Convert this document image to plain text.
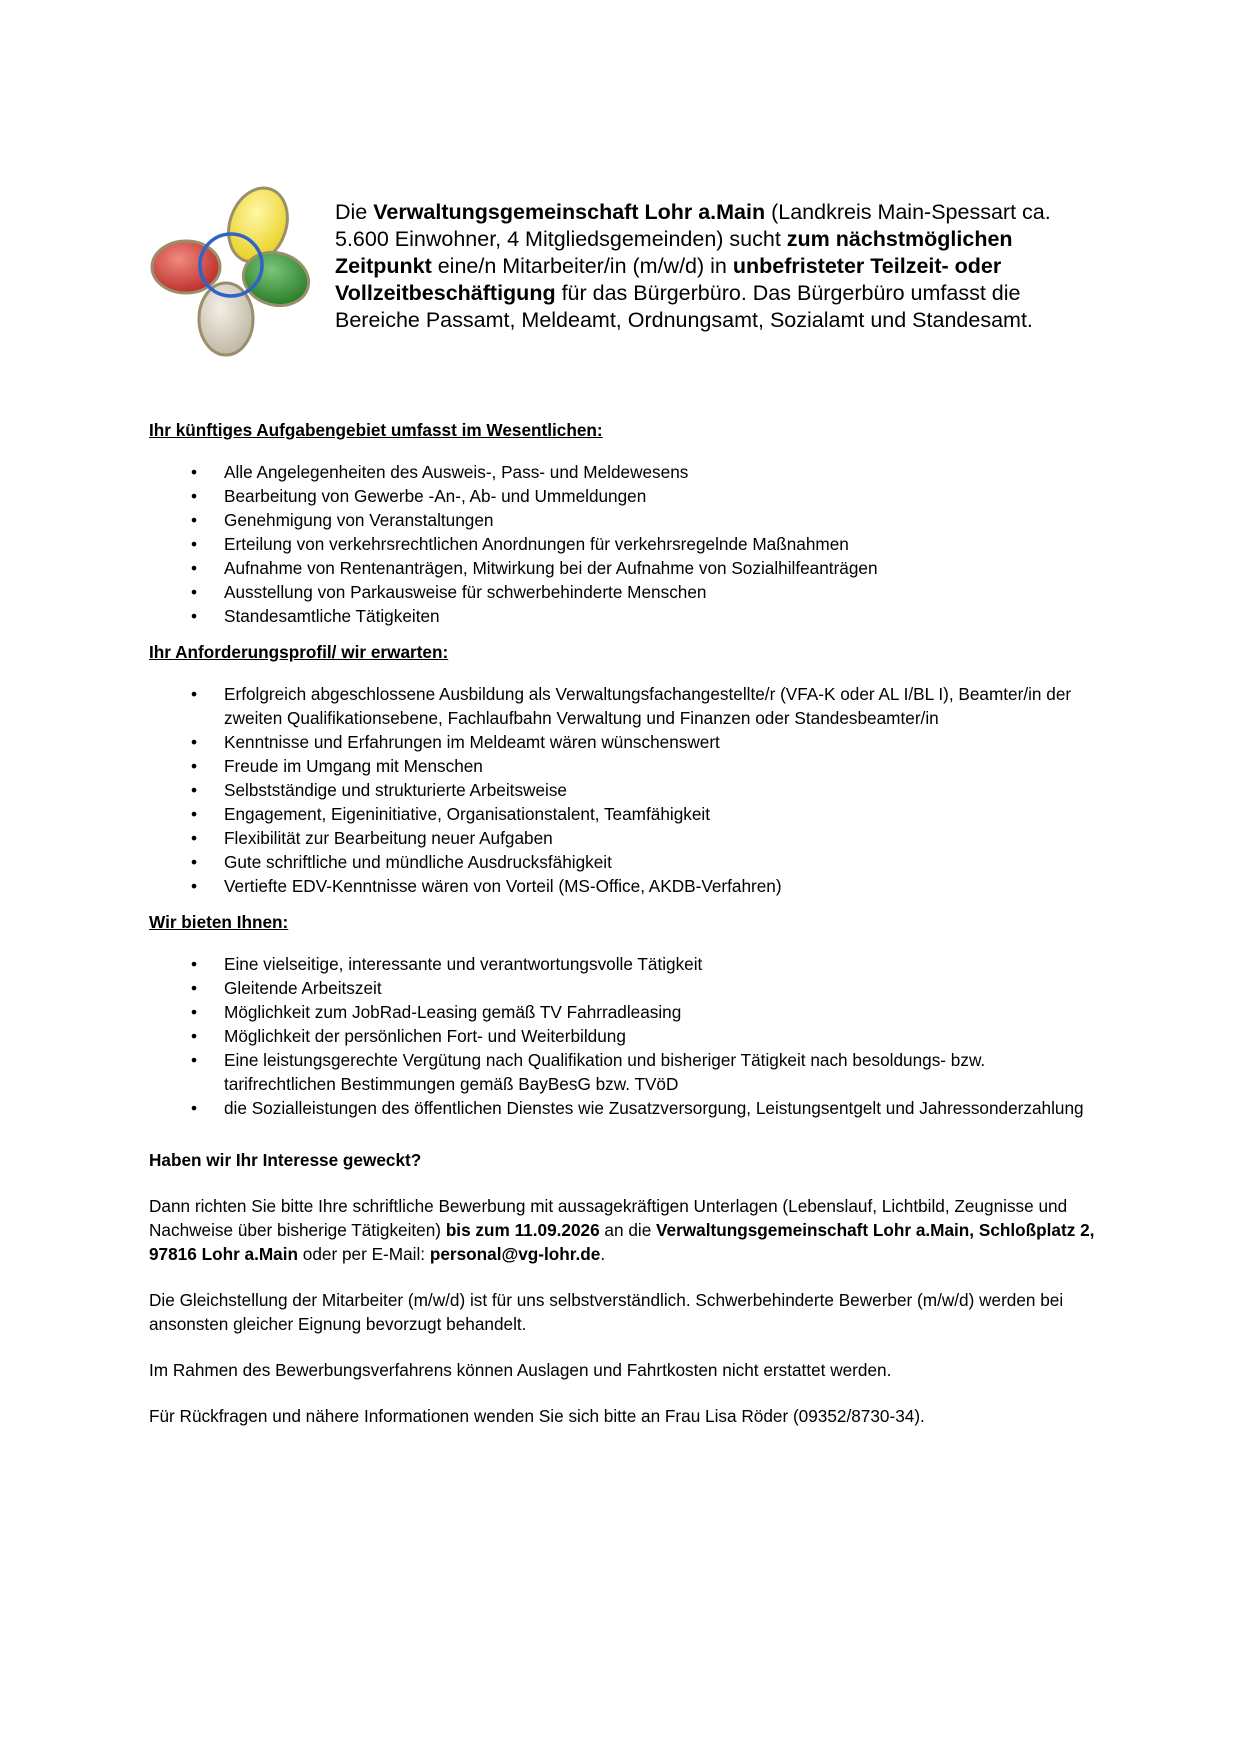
Die Verwaltungsgemeinschaft Lohr a.Main (Landkreis Main-Spessart ca. 5.600 Einwohner, 4 Mitgliedsgemeinden) sucht zum nächstmöglichen Zeitpunkt eine/n Mitarbeiter/in (m/w/d) in unbefristeter Teilzeit- oder Vollzeitbeschäftigung für das Bürgerbüro. Das Bürgerbüro umfasst die Bereiche Passamt, Meldeamt, Ordnungsamt, Sozialamt und Standesamt.

Ihr künftiges Aufgabengebiet umfasst im Wesentlichen:

• Alle Angelegenheiten des Ausweis-, Pass- und Meldewesens
• Bearbeitung von Gewerbe -An-, Ab- und Ummeldungen
• Genehmigung von Veranstaltungen
• Erteilung von verkehrsrechtlichen Anordnungen für verkehrsregelnde Maßnahmen
• Aufnahme von Rentenanträgen, Mitwirkung bei der Aufnahme von Sozialhilfeanträgen
• Ausstellung von Parkausweise für schwerbehinderte Menschen
• Standesamtliche Tätigkeiten

Ihr Anforderungsprofil/ wir erwarten:

• Erfolgreich abgeschlossene Ausbildung als Verwaltungsfachangestellte/r (VFA-K oder AL I/BL I), Beamter/in der zweiten Qualifikationsebene, Fachlaufbahn Verwaltung und Finanzen oder Standesbeamter/in
• Kenntnisse und Erfahrungen im Meldeamt wären wünschenswert
• Freude im Umgang mit Menschen
• Selbstständige und strukturierte Arbeitsweise
• Engagement, Eigeninitiative, Organisationstalent, Teamfähigkeit
• Flexibilität zur Bearbeitung neuer Aufgaben
• Gute schriftliche und mündliche Ausdrucksfähigkeit
• Vertiefte EDV-Kenntnisse wären von Vorteil (MS-Office, AKDB-Verfahren)

Wir bieten Ihnen:

• Eine vielseitige, interessante und verantwortungsvolle Tätigkeit
• Gleitende Arbeitszeit
• Möglichkeit zum JobRad-Leasing gemäß TV Fahrradleasing
• Möglichkeit der persönlichen Fort- und Weiterbildung
• Eine leistungsgerechte Vergütung nach Qualifikation und bisheriger Tätigkeit nach besoldungs- bzw. tarifrechtlichen Bestimmungen gemäß BayBesG bzw. TVöD
• die Sozialleistungen des öffentlichen Dienstes wie Zusatzversorgung, Leistungsentgelt und Jahressonderzahlung

Haben wir Ihr Interesse geweckt?

Dann richten Sie bitte Ihre schriftliche Bewerbung mit aussagekräftigen Unterlagen (Lebenslauf, Lichtbild, Zeugnisse und Nachweise über bisherige Tätigkeiten) bis zum 11.09.2026 an die Verwaltungsgemeinschaft Lohr a.Main, Schloßplatz 2, 97816 Lohr a.Main oder per E-Mail: personal@vg-lohr.de.

Die Gleichstellung der Mitarbeiter (m/w/d) ist für uns selbstverständlich. Schwerbehinderte Bewerber (m/w/d) werden bei ansonsten gleicher Eignung bevorzugt behandelt.

Im Rahmen des Bewerbungsverfahrens können Auslagen und Fahrtkosten nicht erstattet werden.

Für Rückfragen und nähere Informationen wenden Sie sich bitte an Frau Lisa Röder (09352/8730-34).
